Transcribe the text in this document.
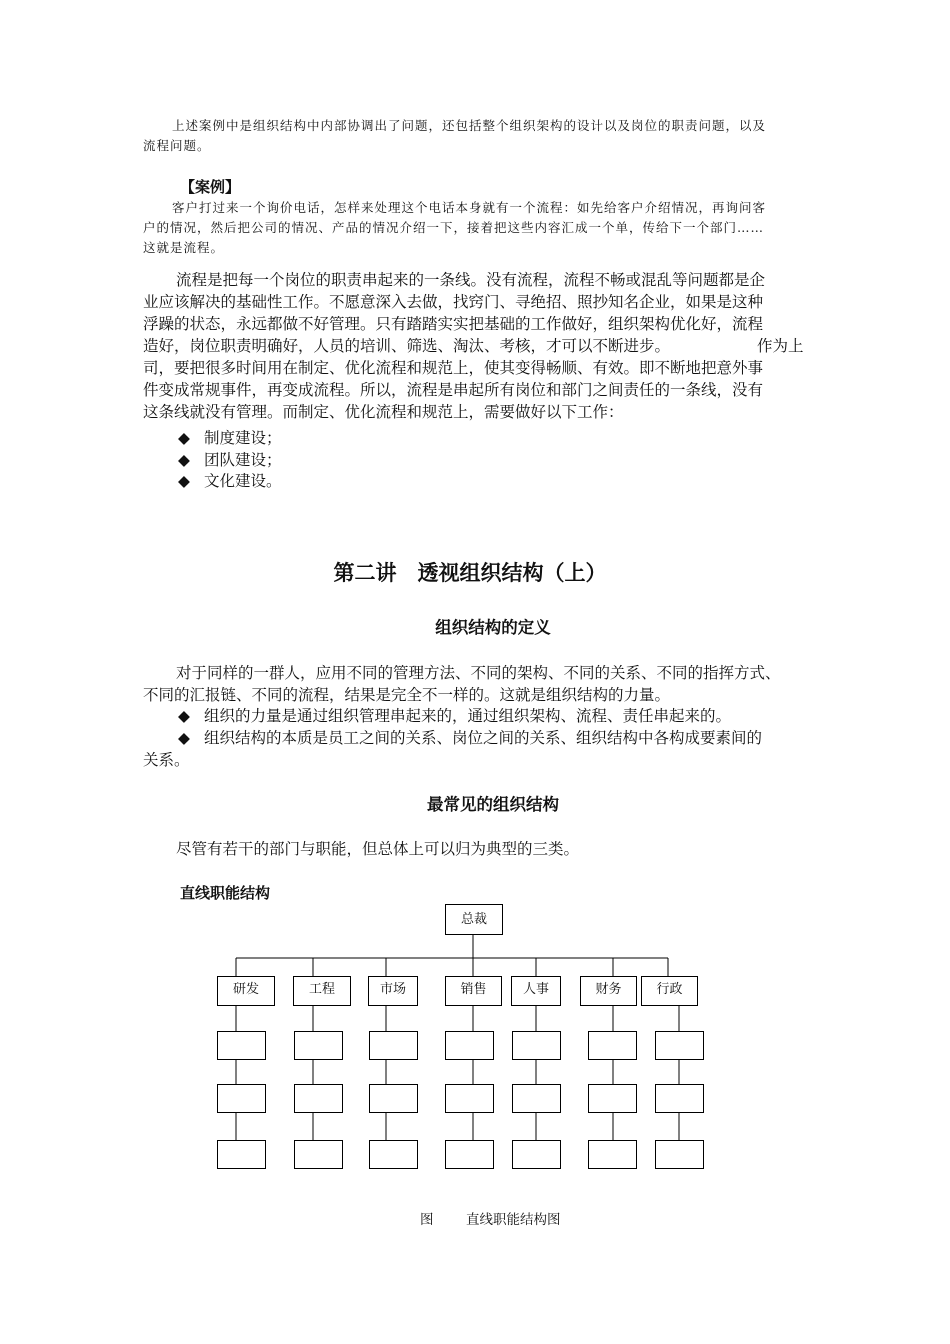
上述案例中是组织结构中内部协调出了问题，还包括整个组织架构的设计以及岗位的职责问题，以及
流程问题。
【案例】
客户打过来一个询价电话，怎样来处理这个电话本身就有一个流程：如先给客户介绍情况，再询问客
户的情况，然后把公司的情况、产品的情况介绍一下，接着把这些内容汇成一个单，传给下一个部门……
这就是流程。
流程是把每一个岗位的职责串起来的一条线。没有流程，流程不畅或混乱等问题都是企
业应该解决的基础性工作。不愿意深入去做，找窍门、寻绝招、照抄知名企业，如果是这种
浮躁的状态，永远都做不好管理。只有踏踏实实把基础的工作做好，组织架构优化好，流程
造好，岗位职责明确好，人员的培训、筛选、淘汰、考核，才可以不断进步。	作为上
司，要把很多时间用在制定、优化流程和规范上，使其变得畅顺、有效。即不断地把意外事
件变成常规事件，再变成流程。所以，流程是串起所有岗位和部门之间责任的一条线，没有
这条线就没有管理。而制定、优化流程和规范上，需要做好以下工作：
◆ 制度建设；
◆ 团队建设；
◆ 文化建设。
第二讲　透视组织结构（上）
组织结构的定义
对于同样的一群人，应用不同的管理方法、不同的架构、不同的关系、不同的指挥方式、
不同的汇报链、不同的流程，结果是完全不一样的。这就是组织结构的力量。
◆ 组织的力量是通过组织管理串起来的，通过组织架构、流程、责任串起来的。
◆ 组织结构的本质是员工之间的关系、岗位之间的关系、组织结构中各构成要素间的
关系。
最常见的组织结构
尽管有若干的部门与职能，但总体上可以归为典型的三类。
直线职能结构
总裁
研发	工程	市场	销售	人事	财务	行政
图 直线职能结构图
